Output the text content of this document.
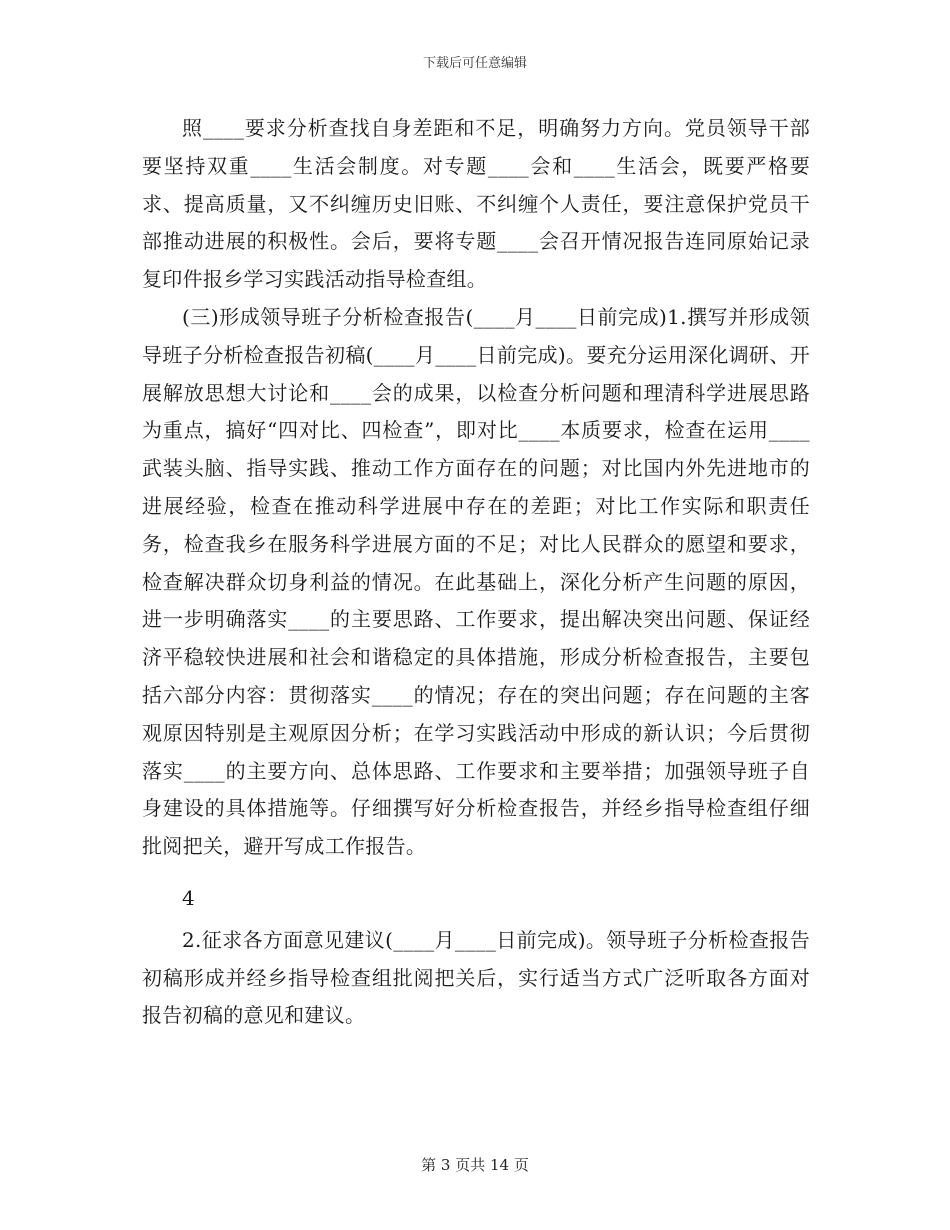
下载后可任意编辑

照____要求分析查找自身差距和不足，明确努力方向。党员领导干部要坚持双重____生活会制度。对专题____会和____生活会，既要严格要求、提高质量，又不纠缠历史旧账、不纠缠个人责任，要注意保护党员干部推动进展的积极性。会后，要将专题____会召开情况报告连同原始记录复印件报乡学习实践活动指导检查组。

(三)形成领导班子分析检查报告(____月____日前完成)1.撰写并形成领导班子分析检查报告初稿(____月____日前完成)。要充分运用深化调研、开展解放思想大讨论和____会的成果，以检查分析问题和理清科学进展思路为重点，搞好“四对比、四检查”，即对比____本质要求，检查在运用____武装头脑、指导实践、推动工作方面存在的问题；对比国内外先进地市的进展经验，检查在推动科学进展中存在的差距；对比工作实际和职责任务，检查我乡在服务科学进展方面的不足；对比人民群众的愿望和要求，检查解决群众切身利益的情况。在此基础上，深化分析产生问题的原因，进一步明确落实____的主要思路、工作要求，提出解决突出问题、保证经济平稳较快进展和社会和谐稳定的具体措施，形成分析检查报告，主要包括六部分内容：贯彻落实____的情况；存在的突出问题；存在问题的主客观原因特别是主观原因分析；在学习实践活动中形成的新认识；今后贯彻落实____的主要方向、总体思路、工作要求和主要举措；加强领导班子自身建设的具体措施等。仔细撰写好分析检查报告，并经乡指导检查组仔细批阅把关，避开写成工作报告。

4

2.征求各方面意见建议(____月____日前完成)。领导班子分析检查报告初稿形成并经乡指导检查组批阅把关后，实行适当方式广泛听取各方面对报告初稿的意见和建议。

第 3 页共 14 页
